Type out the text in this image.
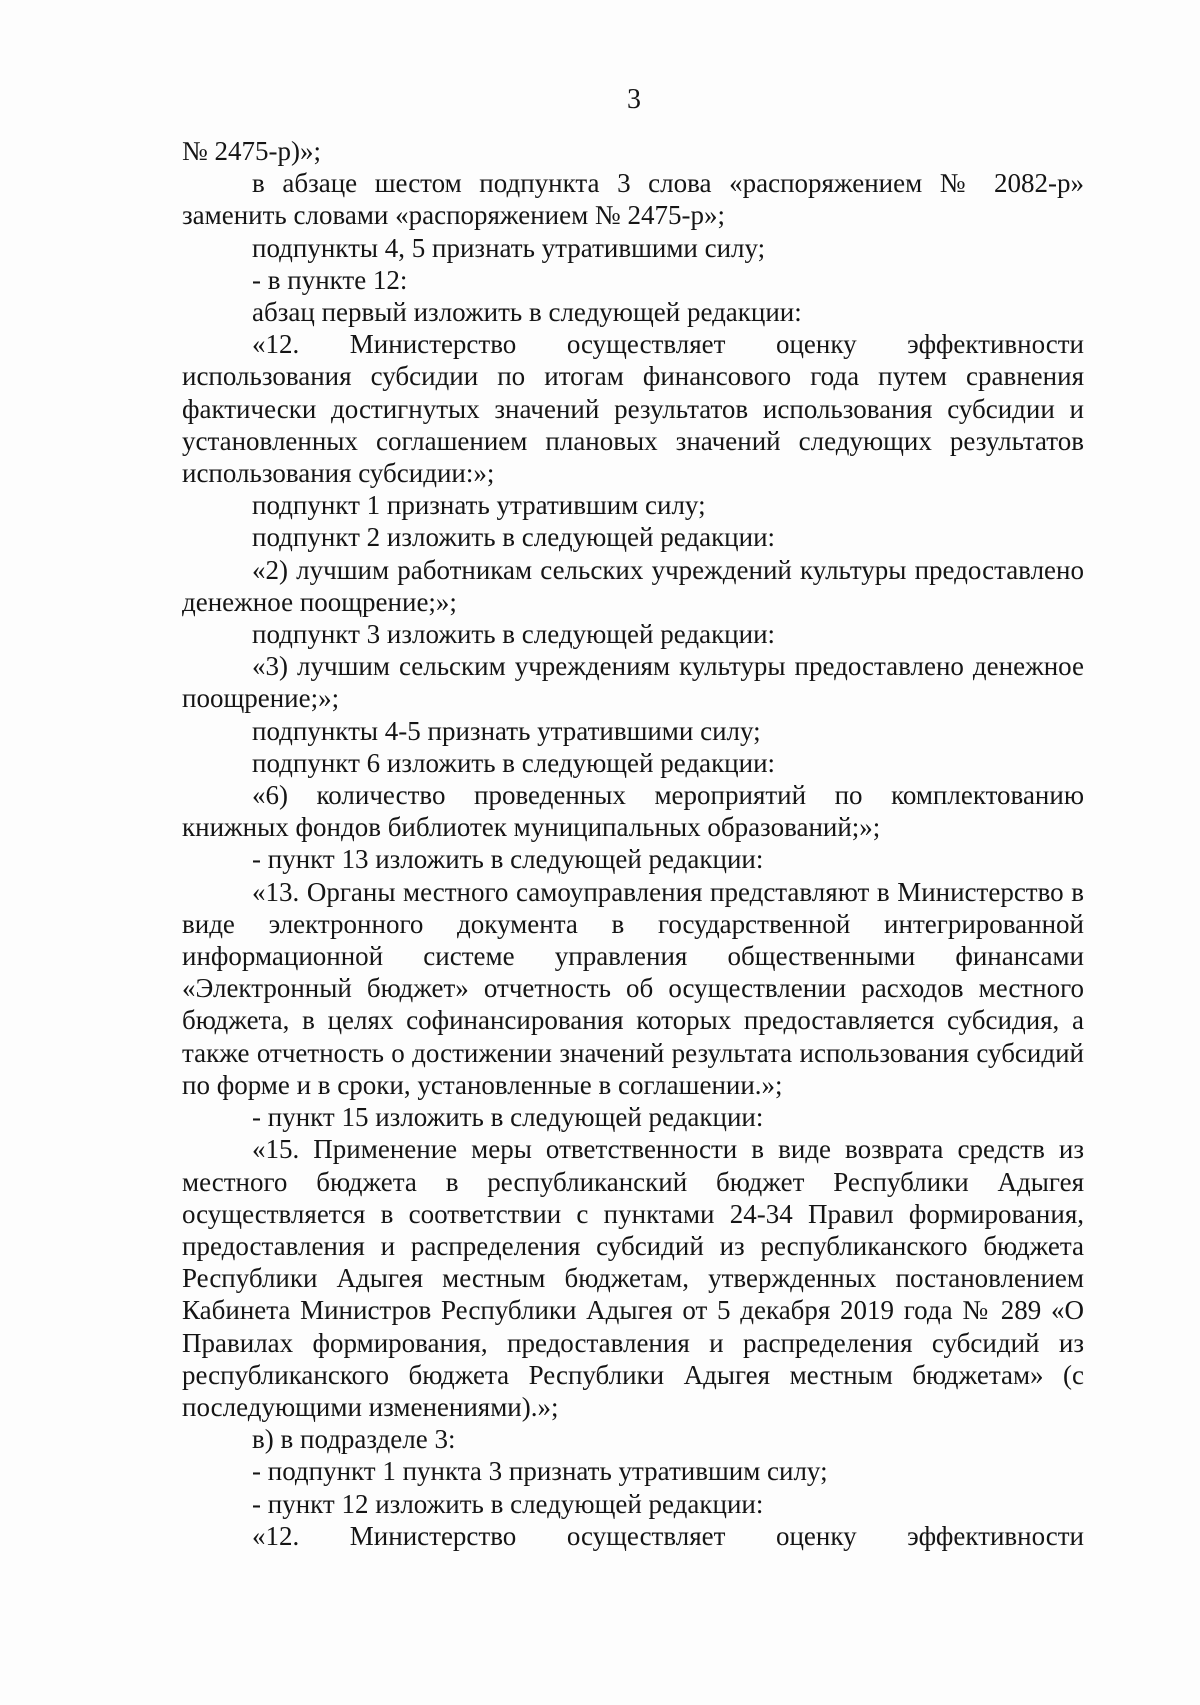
3

№ 2475-р)»;

в абзаце шестом подпункта 3 слова «распоряжением № 2082-р» заменить словами «распоряжением № 2475-р»;

подпункты 4, 5 признать утратившими силу;

- в пункте 12:

абзац первый изложить в следующей редакции:

«12. Министерство осуществляет оценку эффективности использования субсидии по итогам финансового года путем сравнения фактически достигнутых значений результатов использования субсидии и установленных соглашением плановых значений следующих результатов использования субсидии:»;

подпункт 1 признать утратившим силу;

подпункт 2 изложить в следующей редакции:

«2) лучшим работникам сельских учреждений культуры предоставлено денежное поощрение;»;

подпункт 3 изложить в следующей редакции:

«3) лучшим сельским учреждениям культуры предоставлено денежное поощрение;»;

подпункты 4-5 признать утратившими силу;

подпункт 6 изложить в следующей редакции:

«6) количество проведенных мероприятий по комплектованию книжных фондов библиотек муниципальных образований;»;

- пункт 13 изложить в следующей редакции:

«13. Органы местного самоуправления представляют в Министерство в виде электронного документа в государственной интегрированной информационной системе управления общественными финансами «Электронный бюджет» отчетность об осуществлении расходов местного бюджета, в целях софинансирования которых предоставляется субсидия, а также отчетность о достижении значений результата использования субсидий по форме и в сроки, установленные в соглашении.»;

- пункт 15 изложить в следующей редакции:

«15. Применение меры ответственности в виде возврата средств из местного бюджета в республиканский бюджет Республики Адыгея осуществляется в соответствии с пунктами 24-34 Правил формирования, предоставления и распределения субсидий из республиканского бюджета Республики Адыгея местным бюджетам, утвержденных постановлением Кабинета Министров Республики Адыгея от 5 декабря 2019 года № 289 «О Правилах формирования, предоставления и распределения субсидий из республиканского бюджета Республики Адыгея местным бюджетам» (с последующими изменениями).»;

в) в подразделе 3:

- подпункт 1 пункта 3 признать утратившим силу;

- пункт 12 изложить в следующей редакции:

«12. Министерство осуществляет оценку эффективности
